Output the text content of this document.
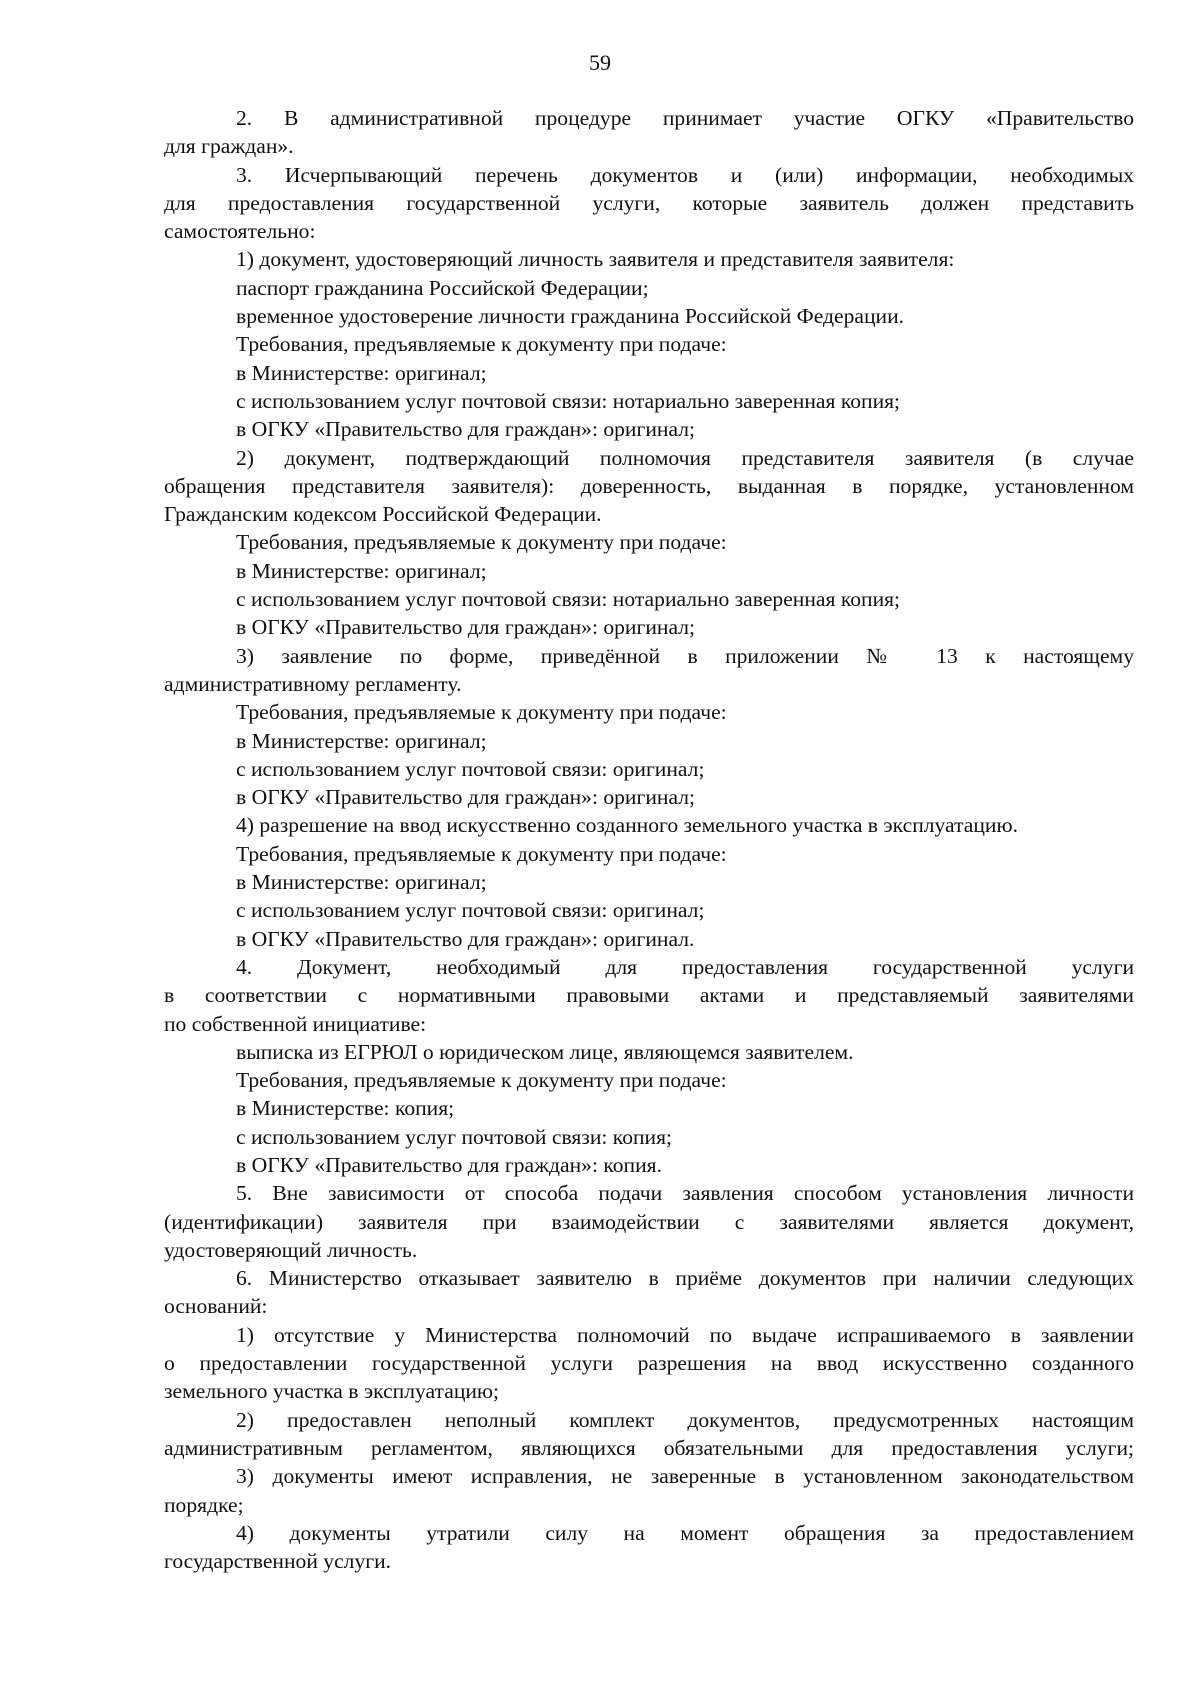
59
2. В административной процедуре принимает участие ОГКУ «Правительство
для граждан».
3. Исчерпывающий перечень документов и (или) информации, необходимых
для предоставления государственной услуги, которые заявитель должен представить
самостоятельно:
1) документ, удостоверяющий личность заявителя и представителя заявителя:
паспорт гражданина Российской Федерации;
временное удостоверение личности гражданина Российской Федерации.
Требования, предъявляемые к документу при подаче:
в Министерстве: оригинал;
с использованием услуг почтовой связи: нотариально заверенная копия;
в ОГКУ «Правительство для граждан»: оригинал;
2) документ, подтверждающий полномочия представителя заявителя (в случае
обращения представителя заявителя): доверенность, выданная в порядке, установленном
Гражданским кодексом Российской Федерации.
Требования, предъявляемые к документу при подаче:
в Министерстве: оригинал;
с использованием услуг почтовой связи: нотариально заверенная копия;
в ОГКУ «Правительство для граждан»: оригинал;
3) заявление по форме, приведённой в приложении № 13 к настоящему
административному регламенту.
Требования, предъявляемые к документу при подаче:
в Министерстве: оригинал;
с использованием услуг почтовой связи: оригинал;
в ОГКУ «Правительство для граждан»: оригинал;
4) разрешение на ввод искусственно созданного земельного участка в эксплуатацию.
Требования, предъявляемые к документу при подаче:
в Министерстве: оригинал;
с использованием услуг почтовой связи: оригинал;
в ОГКУ «Правительство для граждан»: оригинал.
4. Документ, необходимый для предоставления государственной услуги
в соответствии с нормативными правовыми актами и представляемый заявителями
по собственной инициативе:
выписка из ЕГРЮЛ о юридическом лице, являющемся заявителем.
Требования, предъявляемые к документу при подаче:
в Министерстве: копия;
с использованием услуг почтовой связи: копия;
в ОГКУ «Правительство для граждан»: копия.
5. Вне зависимости от способа подачи заявления способом установления личности
(идентификации) заявителя при взаимодействии с заявителями является документ,
удостоверяющий личность.
6. Министерство отказывает заявителю в приёме документов при наличии следующих
оснований:
1) отсутствие у Министерства полномочий по выдаче испрашиваемого в заявлении
о предоставлении государственной услуги разрешения на ввод искусственно созданного
земельного участка в эксплуатацию;
2) предоставлен неполный комплект документов, предусмотренных настоящим
административным регламентом, являющихся обязательными для предоставления услуги;
3) документы имеют исправления, не заверенные в установленном законодательством
порядке;
4) документы утратили силу на момент обращения за предоставлением
государственной услуги.
